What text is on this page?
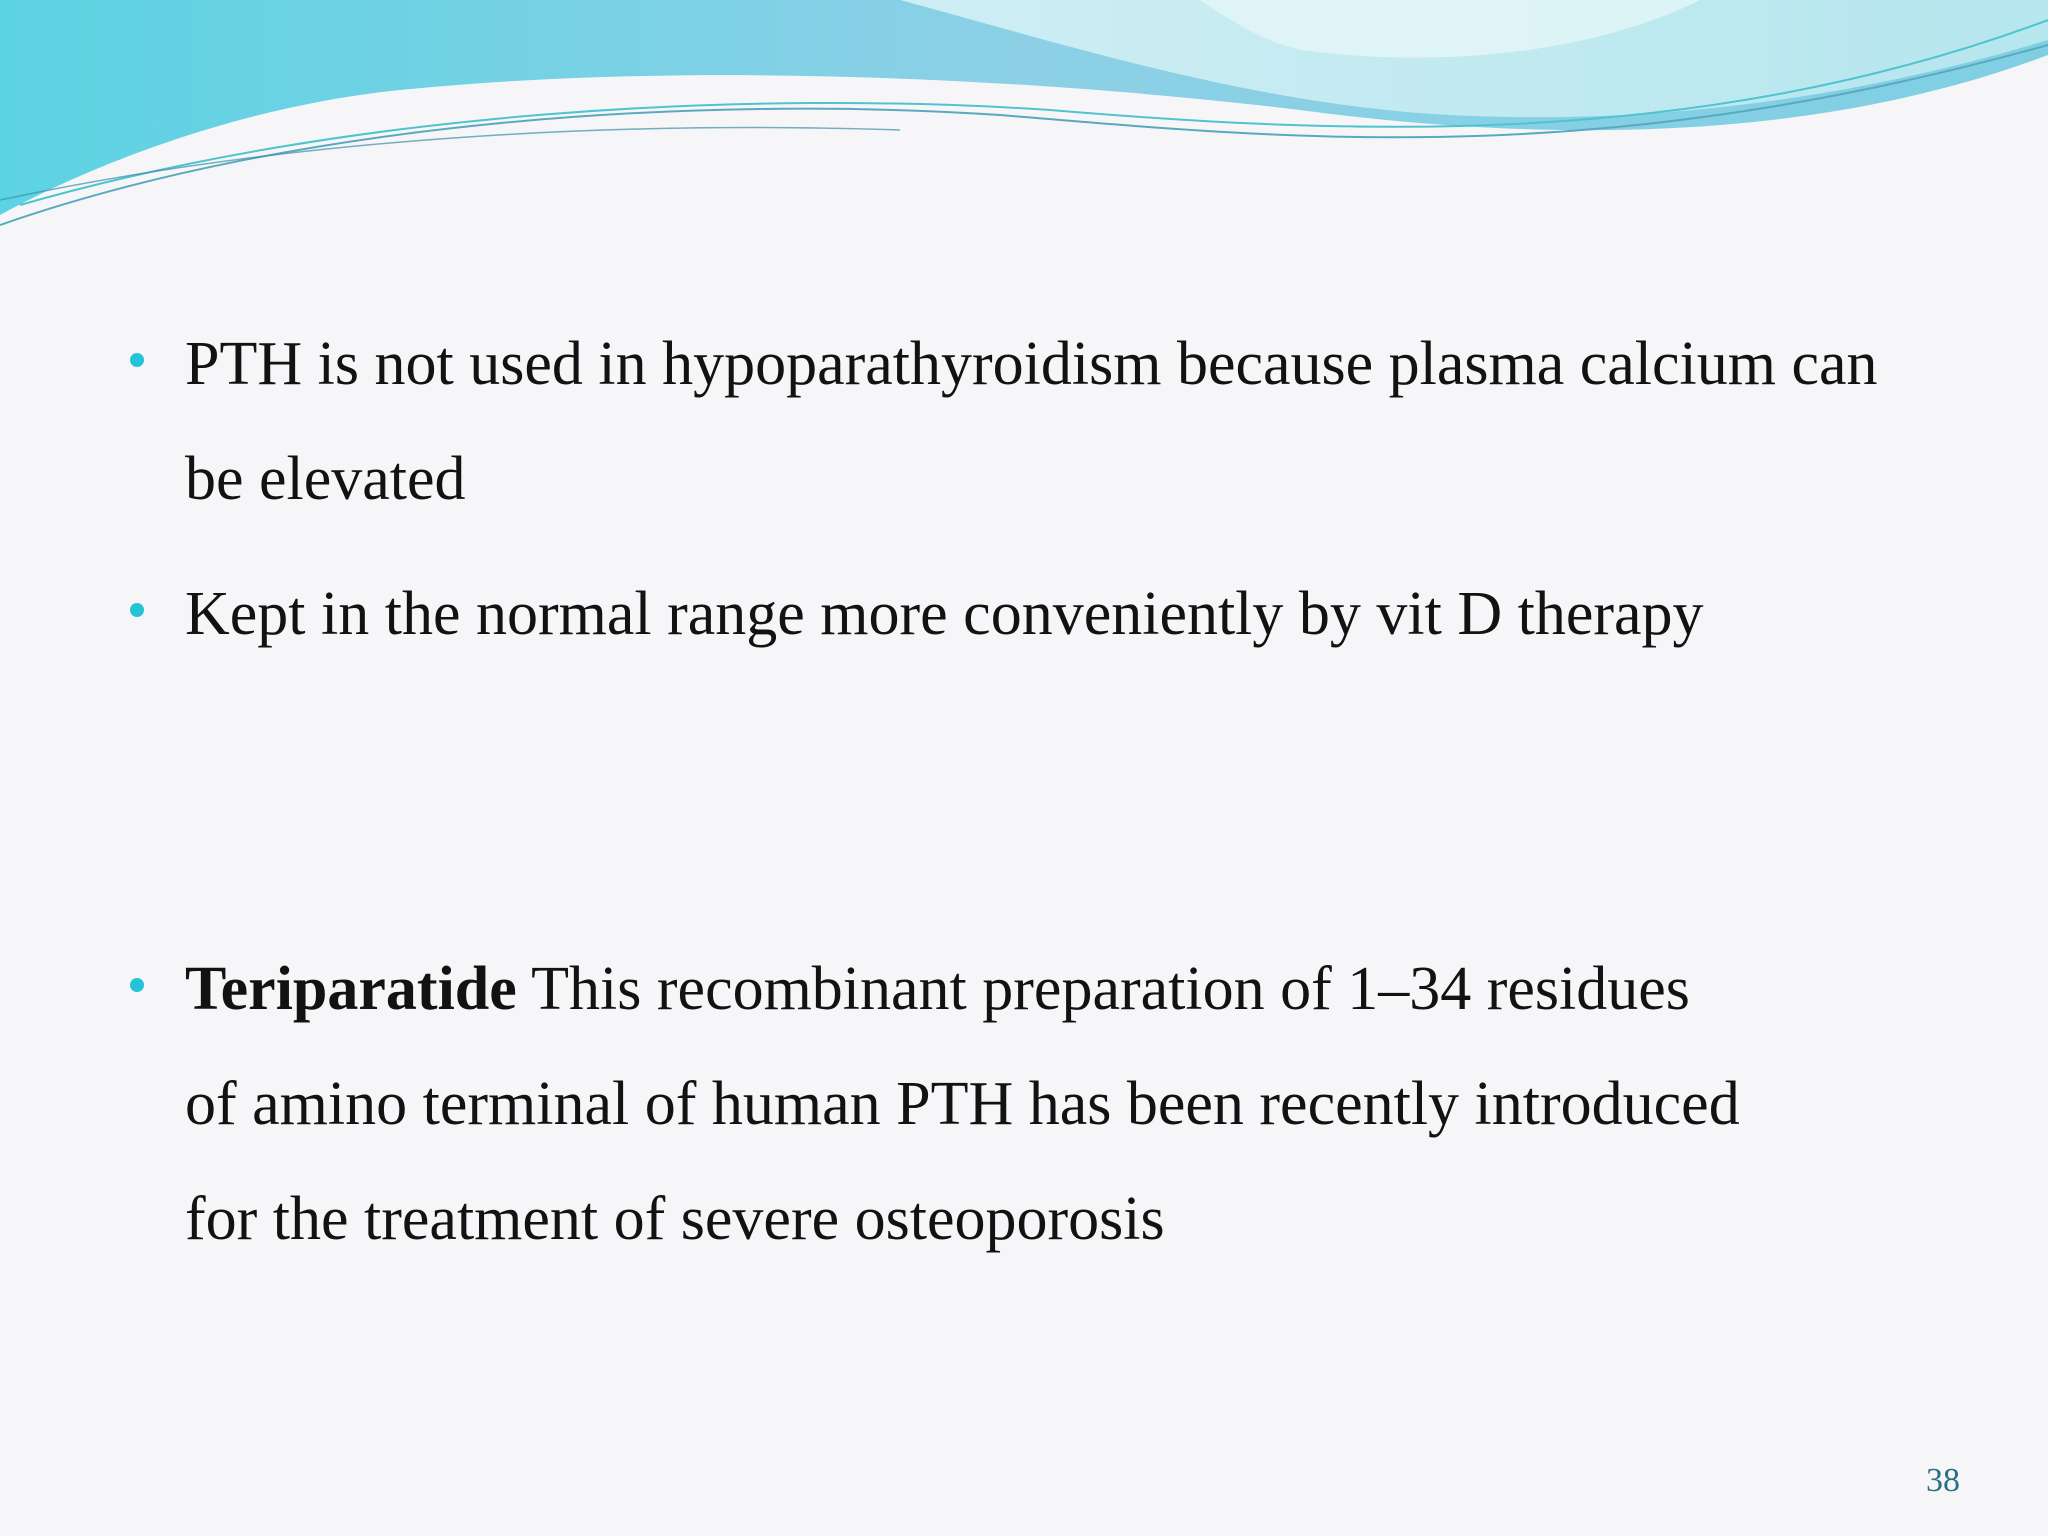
PTH is not used in hypoparathyroidism because plasma calcium can be elevated
Kept in the normal range more conveniently by vit D therapy
Teriparatide This recombinant preparation of 1–34 residues of amino terminal of human PTH has been recently introduced for the treatment of severe osteoporosis
38
